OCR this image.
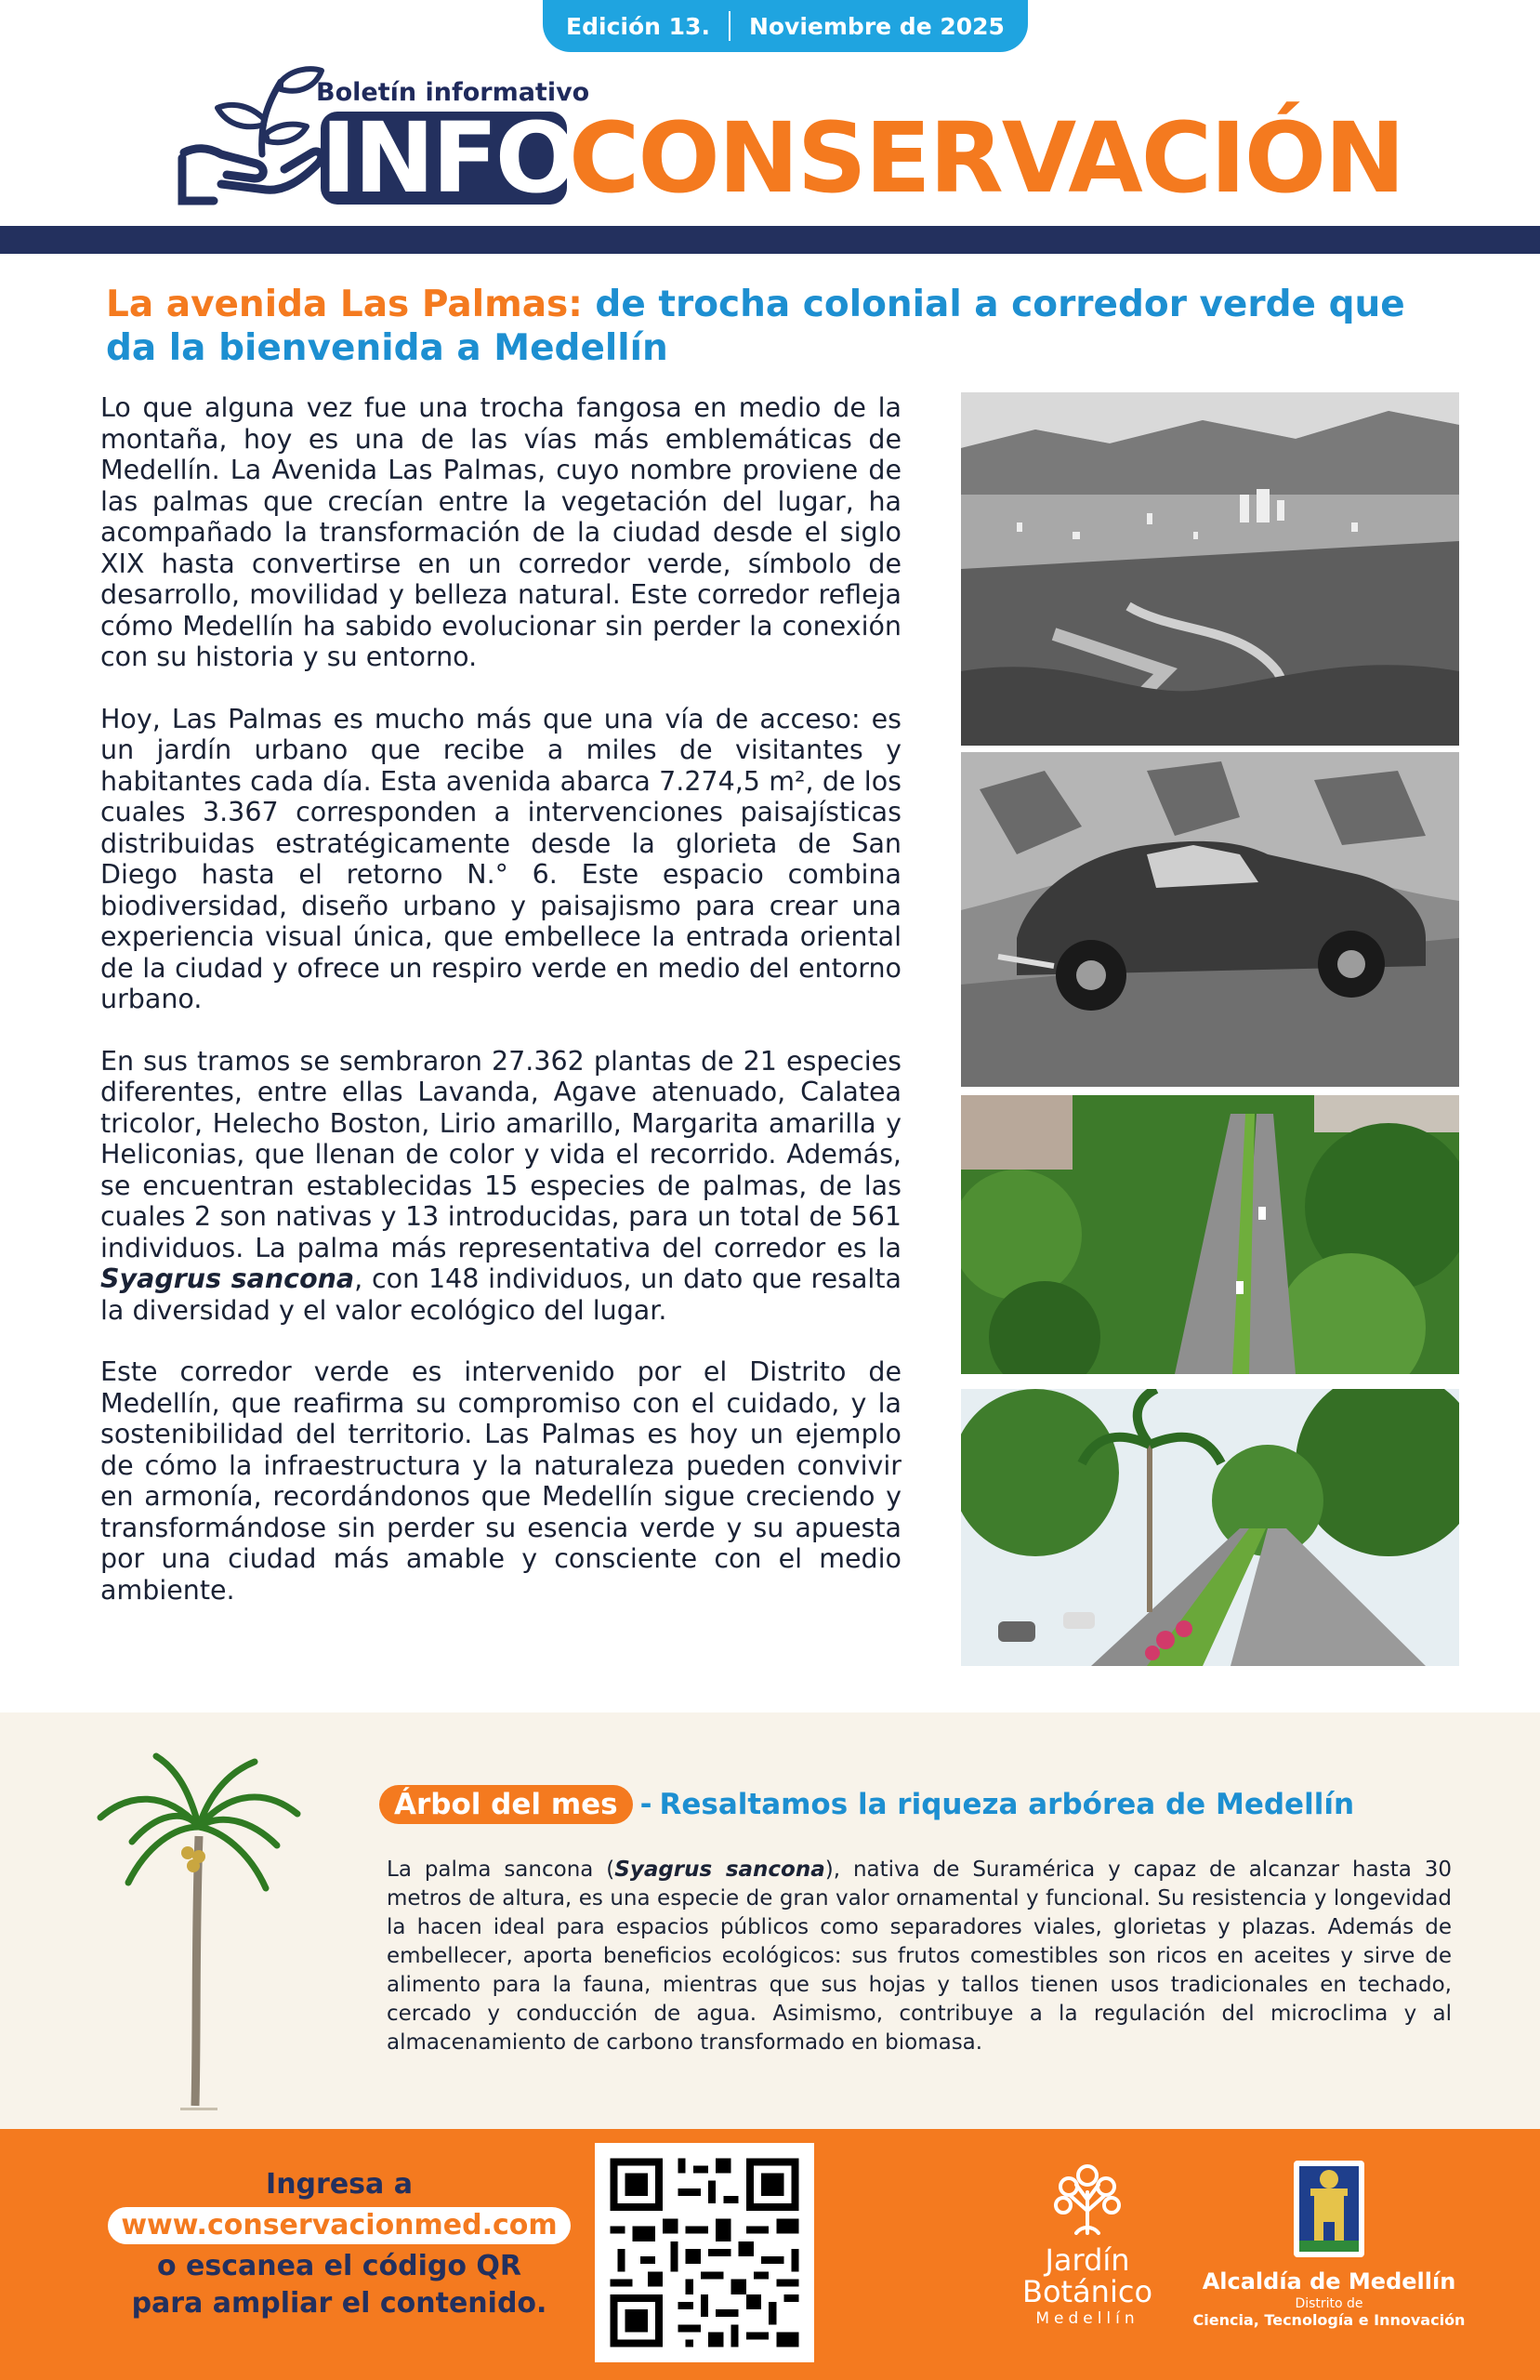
Edición 13. Noviembre de 2025
Boletín informativo
INFO
CONSERVACIÓN
La avenida Las Palmas: de trocha colonial a corredor verde que da la bienvenida a Medellín

Lo que alguna vez fue una trocha fangosa en medio de la montaña, hoy es una de las vías más emblemáticas de Medellín. La Avenida Las Palmas, cuyo nombre proviene de las palmas que crecían entre la vegetación del lugar, ha acompañado la transformación de la ciudad desde el siglo XIX hasta convertirse en un corredor verde, símbolo de desarrollo, movilidad y belleza natural. Este corredor refleja cómo Medellín ha sabido evolucionar sin perder la conexión con su historia y su entorno.

Hoy, Las Palmas es mucho más que una vía de acceso: es un jardín urbano que recibe a miles de visitantes y habitantes cada día. Esta avenida abarca 7.274,5 m², de los cuales 3.367 corresponden a intervenciones paisajísticas distribuidas estratégicamente desde la glorieta de San Diego hasta el retorno N.° 6. Este espacio combina biodiversidad, diseño urbano y paisajismo para crear una experiencia visual única, que embellece la entrada oriental de la ciudad y ofrece un respiro verde en medio del entorno urbano.

En sus tramos se sembraron 27.362 plantas de 21 especies diferentes, entre ellas Lavanda, Agave atenuado, Calatea tricolor, Helecho Boston, Lirio amarillo, Margarita amarilla y Heliconias, que llenan de color y vida el recorrido. Además, se encuentran establecidas 15 especies de palmas, de las cuales 2 son nativas y 13 introducidas, para un total de 561 individuos. La palma más representativa del corredor es la Syagrus sancona, con 148 individuos, un dato que resalta la diversidad y el valor ecológico del lugar.

Este corredor verde es intervenido por el Distrito de Medellín, que reafirma su compromiso con el cuidado, y la sostenibilidad del territorio. Las Palmas es hoy un ejemplo de cómo la infraestructura y la naturaleza pueden convivir en armonía, recordándonos que Medellín sigue creciendo y transformándose sin perder su esencia verde y su apuesta por una ciudad más amable y consciente con el medio ambiente.

Árbol del mes - Resaltamos la riqueza arbórea de Medellín
La palma sancona (Syagrus sancona), nativa de Suramérica y capaz de alcanzar hasta 30 metros de altura, es una especie de gran valor ornamental y funcional. Su resistencia y longevidad la hacen ideal para espacios públicos como separadores viales, glorietas y plazas. Además de embellecer, aporta beneficios ecológicos: sus frutos comestibles son ricos en aceites y sirve de alimento para la fauna, mientras que sus hojas y tallos tienen usos tradicionales en techado, cercado y conducción de agua. Asimismo, contribuye a la regulación del microclima y al almacenamiento de carbono transformado en biomasa.
Ingresa a
www.conservacionmed.com
o escanea el código QR
para ampliar el contenido.
Jardín
Botánico
Medellín
Alcaldía de Medellín
Distrito de
Ciencia, Tecnología e Innovación
